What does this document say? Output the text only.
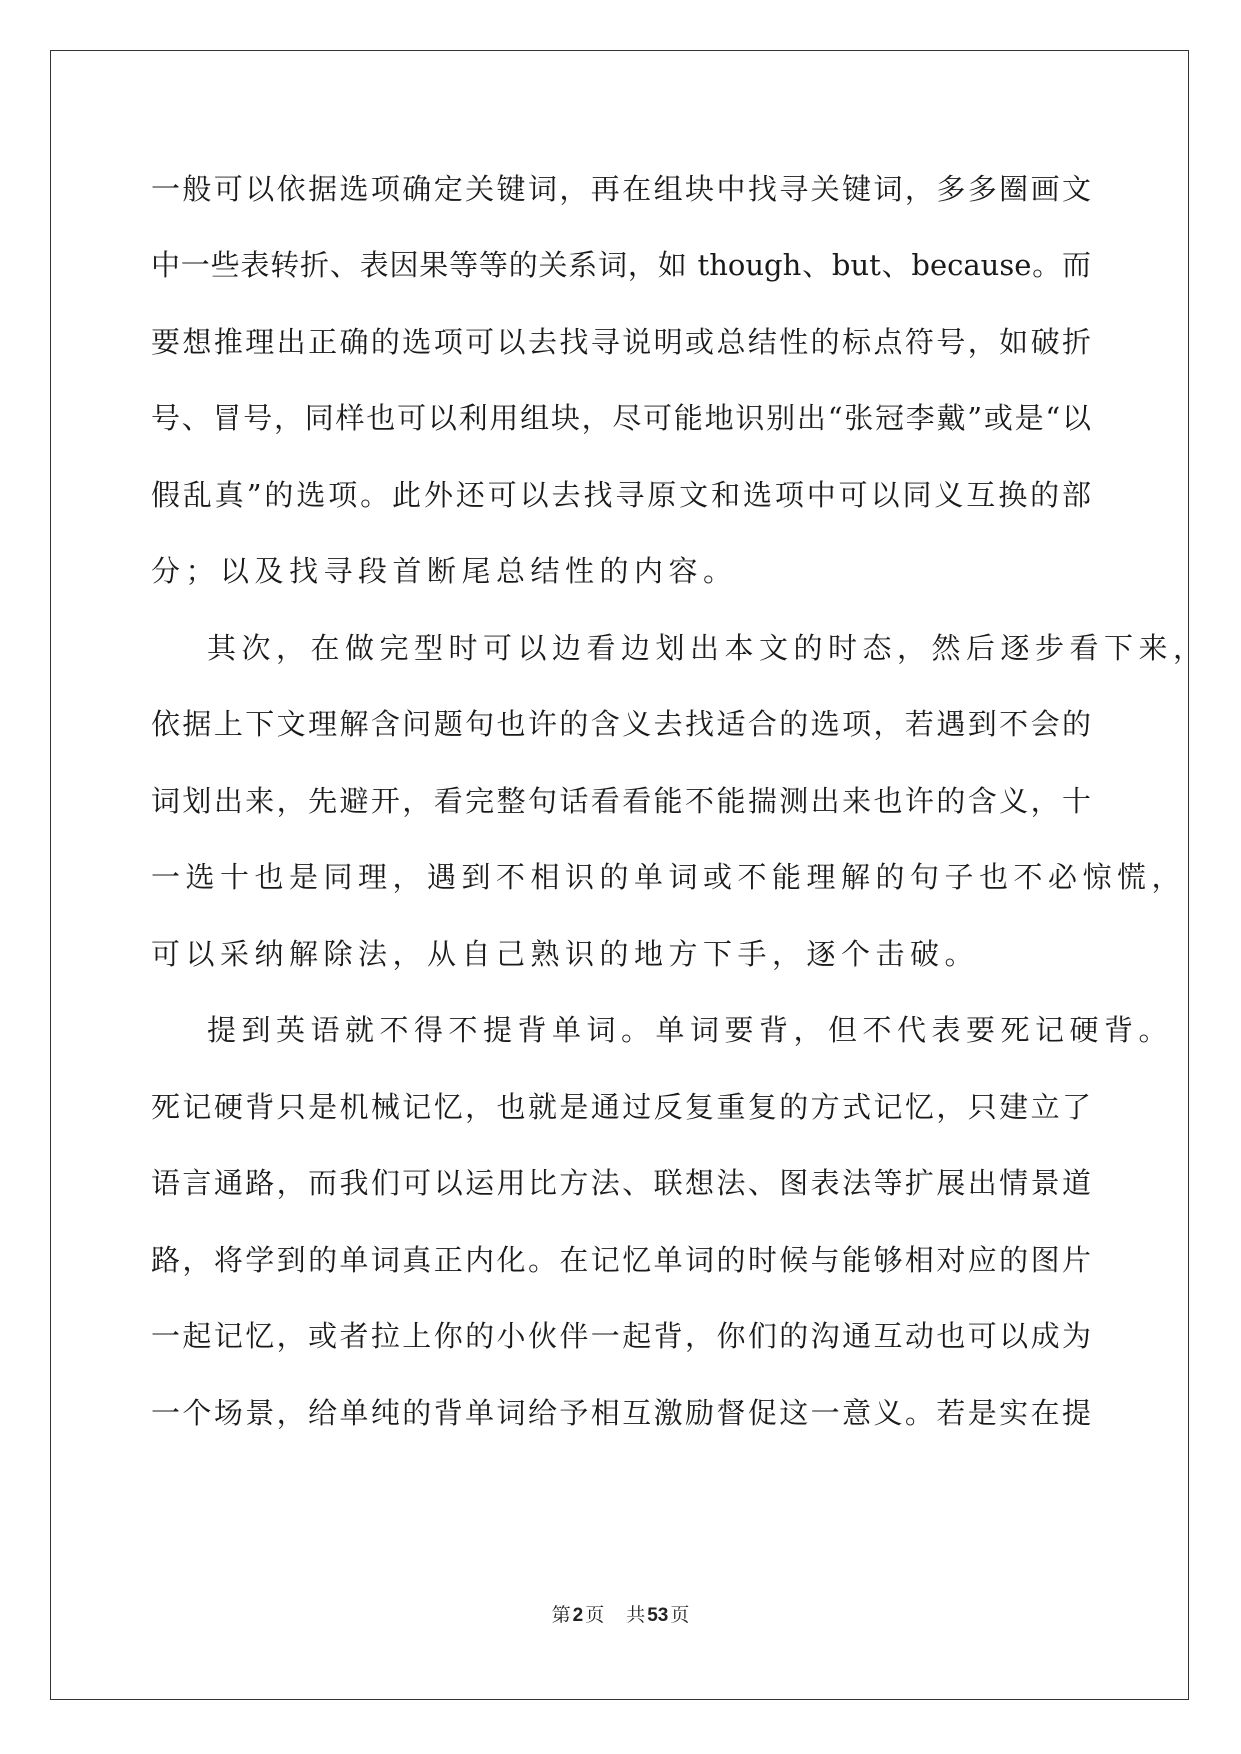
一般可以依据选项确定关键词，再在组块中找寻关键词，多多圈画文
中一些表转折、表因果等等的关系词，如 though、but、because。而
要想推理出正确的选项可以去找寻说明或总结性的标点符号，如破折
号、冒号，同样也可以利用组块，尽可能地识别出“张冠李戴”或是“以
假乱真”的选项。此外还可以去找寻原文和选项中可以同义互换的部
分；以及找寻段首断尾总结性的内容。
其次，在做完型时可以边看边划出本文的时态，然后逐步看下来，
依据上下文理解含问题句也许的含义去找适合的选项，若遇到不会的
词划出来，先避开，看完整句话看看能不能揣测出来也许的含义，十
一选十也是同理，遇到不相识的单词或不能理解的句子也不必惊慌，
可以采纳解除法，从自己熟识的地方下手，逐个击破。
提到英语就不得不提背单词。单词要背，但不代表要死记硬背。
死记硬背只是机械记忆，也就是通过反复重复的方式记忆，只建立了
语言通路，而我们可以运用比方法、联想法、图表法等扩展出情景道
路，将学到的单词真正内化。在记忆单词的时候与能够相对应的图片
一起记忆，或者拉上你的小伙伴一起背，你们的沟通互动也可以成为
一个场景，给单纯的背单词给予相互激励督促这一意义。若是实在提
第 2 页 共 53 页
